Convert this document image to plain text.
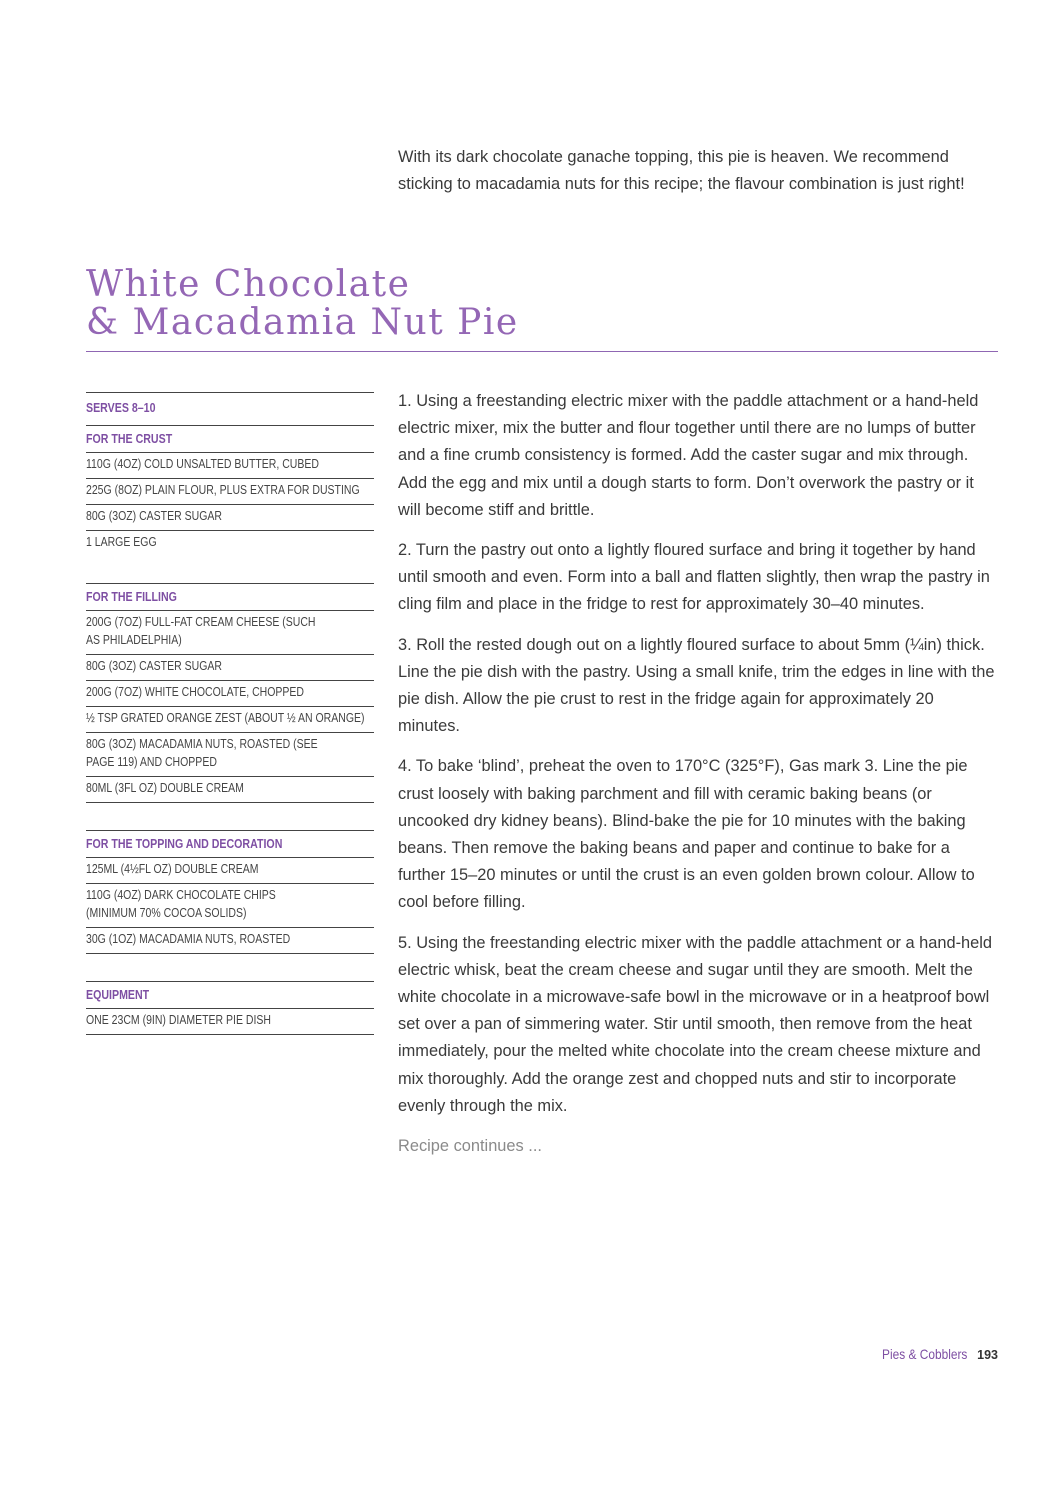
With its dark chocolate ganache topping, this pie is heaven. We recommend sticking to macadamia nuts for this recipe; the flavour combination is just right!

White Chocolate
& Macadamia Nut Pie
SERVES 8–10
FOR THE CRUST
110G (4OZ) COLD UNSALTED BUTTER, CUBED
225G (8OZ) PLAIN FLOUR, PLUS EXTRA FOR DUSTING
80G (3OZ) CASTER SUGAR
1 LARGE EGG
FOR THE FILLING
200G (7OZ) FULL-FAT CREAM CHEESE (SUCH
AS PHILADELPHIA)
80G (3OZ) CASTER SUGAR
200G (7OZ) WHITE CHOCOLATE, CHOPPED
½ TSP GRATED ORANGE ZEST (ABOUT ½ AN ORANGE)
80G (3OZ) MACADAMIA NUTS, ROASTED (SEE
PAGE 119) AND CHOPPED
80ML (3FL OZ) DOUBLE CREAM
FOR THE TOPPING AND DECORATION
125ML (4½FL OZ) DOUBLE CREAM
110G (4OZ) DARK CHOCOLATE CHIPS
(MINIMUM 70% COCOA SOLIDS)
30G (1OZ) MACADAMIA NUTS, ROASTED
EQUIPMENT
ONE 23CM (9IN) DIAMETER PIE DISH

1. Using a freestanding electric mixer with the paddle attachment or a hand-held electric mixer, mix the butter and flour together until there are no lumps of butter and a fine crumb consistency is formed. Add the caster sugar and mix through. Add the egg and mix until a dough starts to form. Don’t overwork the pastry or it will become stiff and brittle.

2. Turn the pastry out onto a lightly floured surface and bring it together by hand until smooth and even. Form into a ball and flatten slightly, then wrap the pastry in cling film and place in the fridge to rest for approximately 30–40 minutes.

3. Roll the rested dough out on a lightly floured surface to about 5mm (¼in) thick. Line the pie dish with the pastry. Using a small knife, trim the edges in line with the pie dish. Allow the pie crust to rest in the fridge again for approximately 20 minutes.

4. To bake ‘blind’, preheat the oven to 170°C (325°F), Gas mark 3. Line the pie crust loosely with baking parchment and fill with ceramic baking beans (or uncooked dry kidney beans). Blind-bake the pie for 10 minutes with the baking beans. Then remove the baking beans and paper and continue to bake for a further 15–20 minutes or until the crust is an even golden brown colour. Allow to cool before filling.

5. Using the freestanding electric mixer with the paddle attachment or a hand-held electric whisk, beat the cream cheese and sugar until they are smooth. Melt the white chocolate in a microwave-safe bowl in the microwave or in a heatproof bowl set over a pan of simmering water. Stir until smooth, then remove from the heat immediately, pour the melted white chocolate into the cream cheese mixture and mix thoroughly. Add the orange zest and chopped nuts and stir to incorporate evenly through the mix.

Recipe continues ...

Pies & Cobblers 193
